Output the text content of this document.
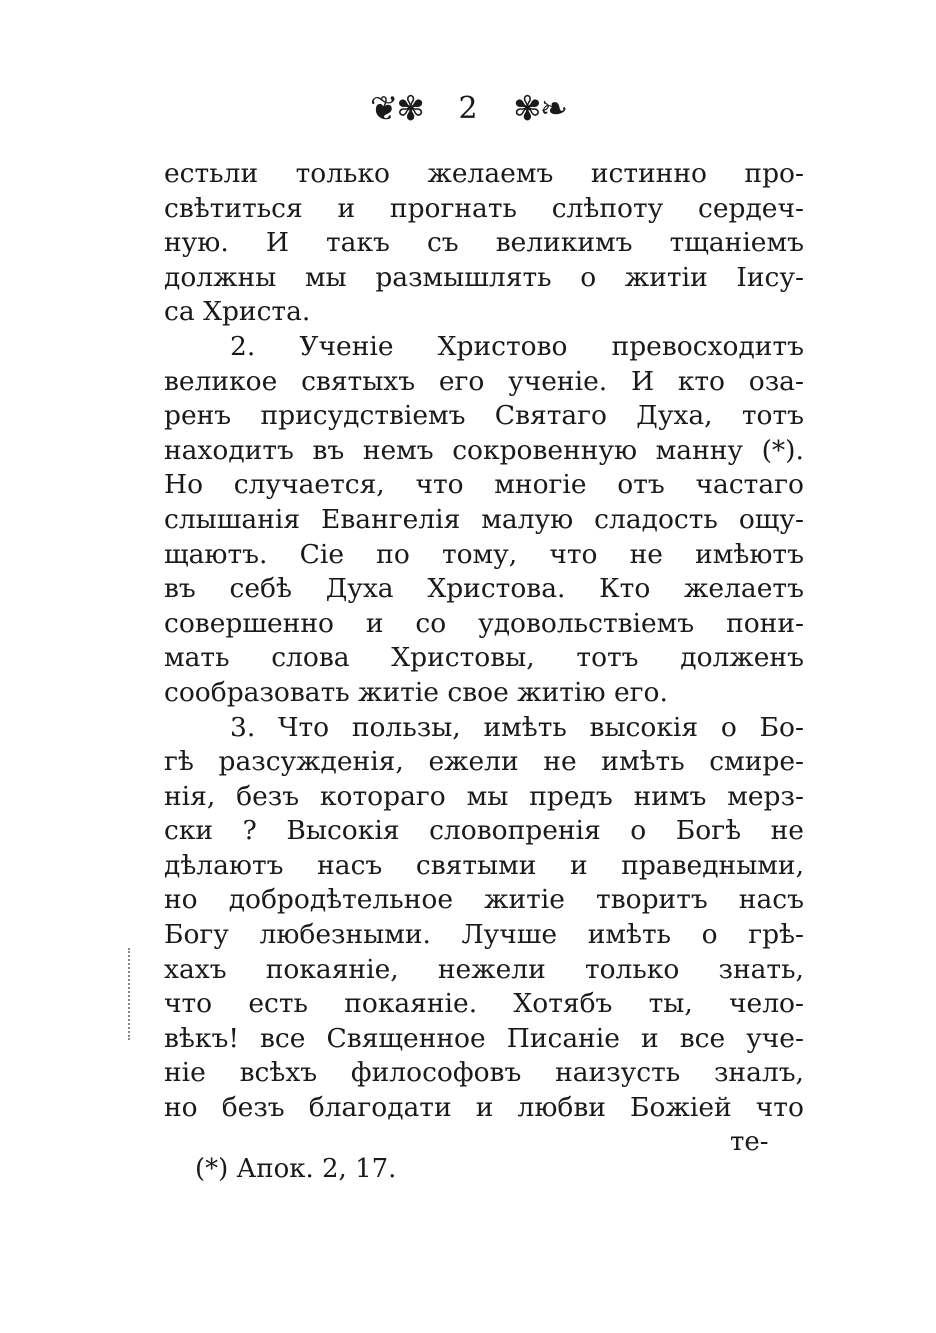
❦✾ 2 ✾❧
естьли только желаемъ истинно про-
свѣтиться и прогнать слѣпоту сердеч-
ную. И такъ съ великимъ тщаніемъ
должны мы размышлять о житіи Іису-
са
Христа.
2. Ученіе Христово превосходитъ
великое святыхъ его ученіе. И кто оза-
ренъ присудствіемъ Святаго Духа, тотъ
находитъ въ немъ сокровенную манну (*).
Но случается, что многіе отъ частаго
слышанія Евангелія малую сладость ощу-
щаютъ. Сіе по тому, что не имѣютъ
въ себѣ Духа Христова. Кто желаетъ
совершенно и со удовольствіемъ пони-
мать слова Христовы, тотъ долженъ
сообразовать
житіе
свое
житію
его.
3. Что пользы, имѣть высокія о Бо-
гѣ разсужденія, ежели не имѣть смире-
нія, безъ котораго мы предъ нимъ мерз-
ски ? Высокія словопренія о Богѣ не
дѣлаютъ насъ святыми и праведными,
но добродѣтельное житіе творитъ насъ
Богу любезными. Лучше имѣть о грѣ-
хахъ покаяніе, нежели только знать,
что есть покаяніе. Хотябъ ты, чело-
вѣкъ! все Священное Писаніе и все уче-
ніе всѣхъ философовъ наизусть зналъ,
но безъ благодати и любви Божіей что
те-
(*) Апок. 2, 17.
